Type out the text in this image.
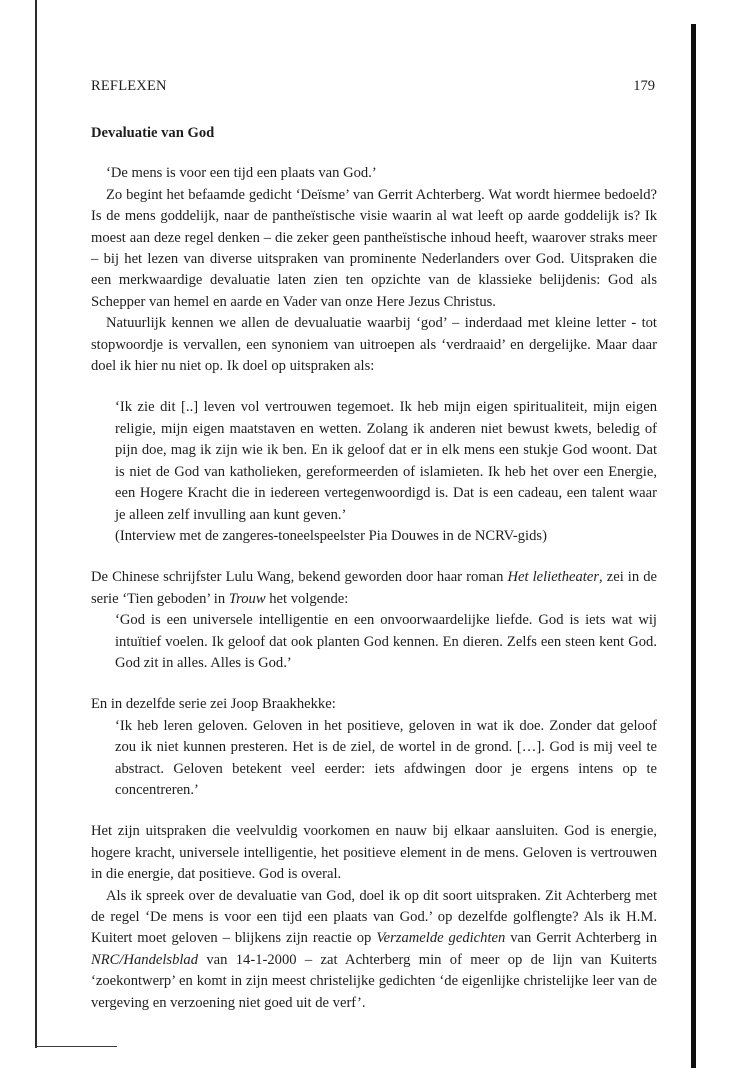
REFLEXEN	179
Devaluatie van God

‘De mens is voor een tijd een plaats van God.’

Zo begint het befaamde gedicht ‘Deïsme’ van Gerrit Achterberg. Wat wordt hiermee bedoeld? Is de mens goddelijk, naar de pantheïstische visie waarin al wat leeft op aarde goddelijk is? Ik moest aan deze regel denken – die zeker geen pantheïstische inhoud heeft, waarover straks meer – bij het lezen van diverse uitspraken van prominente Nederlanders over God. Uitspraken die een merkwaardige devaluatie laten zien ten opzichte van de klassieke belijdenis: God als Schepper van hemel en aarde en Vader van onze Here Jezus Christus.

Natuurlijk kennen we allen de devualuatie waarbij ‘god’ – inderdaad met kleine letter - tot stopwoordje is vervallen, een synoniem van uitroepen als ‘verdraaid’ en dergelijke. Maar daar doel ik hier nu niet op. Ik doel op uitspraken als:

‘Ik zie dit [..] leven vol vertrouwen tegemoet. Ik heb mijn eigen spiritualiteit, mijn eigen religie, mijn eigen maatstaven en wetten. Zolang ik anderen niet bewust kwets, beledig of pijn doe, mag ik zijn wie ik ben. En ik geloof dat er in elk mens een stukje God woont. Dat is niet de God van katholieken, gereformeerden of islamieten. Ik heb het over een Energie, een Hogere Kracht die in iedereen vertegenwoordigd is. Dat is een cadeau, een talent waar je alleen zelf invulling aan kunt geven.’

(Interview met de zangeres-toneelspeelster Pia Douwes in de NCRV-gids)

De Chinese schrijfster Lulu Wang, bekend geworden door haar roman Het lelietheater, zei in de serie ‘Tien geboden’ in Trouw het volgende:

‘God is een universele intelligentie en een onvoorwaardelijke liefde. God is iets wat wij intuïtief voelen. Ik geloof dat ook planten God kennen. En dieren. Zelfs een steen kent God. God zit in alles. Alles is God.’

En in dezelfde serie zei Joop Braakhekke:

‘Ik heb leren geloven. Geloven in het positieve, geloven in wat ik doe. Zonder dat geloof zou ik niet kunnen presteren. Het is de ziel, de wortel in de grond. […]. God is mij veel te abstract. Geloven betekent veel eerder: iets afdwingen door je ergens intens op te concentreren.’

Het zijn uitspraken die veelvuldig voorkomen en nauw bij elkaar aansluiten. God is energie, hogere kracht, universele intelligentie, het positieve element in de mens. Geloven is vertrouwen in die energie, dat positieve. God is overal.

Als ik spreek over de devaluatie van God, doel ik op dit soort uitspraken. Zit Achterberg met de regel ‘De mens is voor een tijd een plaats van God.’ op dezelfde golflengte? Als ik H.M. Kuitert moet geloven – blijkens zijn reactie op Verzamelde gedichten van Gerrit Achterberg in NRC/Handelsblad van 14-1-2000 – zat Achterberg min of meer op de lijn van Kuiterts ‘zoekontwerp’ en komt in zijn meest christelijke gedichten ‘de eigenlijke christelijke leer van de vergeving en verzoening niet goed uit de verf’.
